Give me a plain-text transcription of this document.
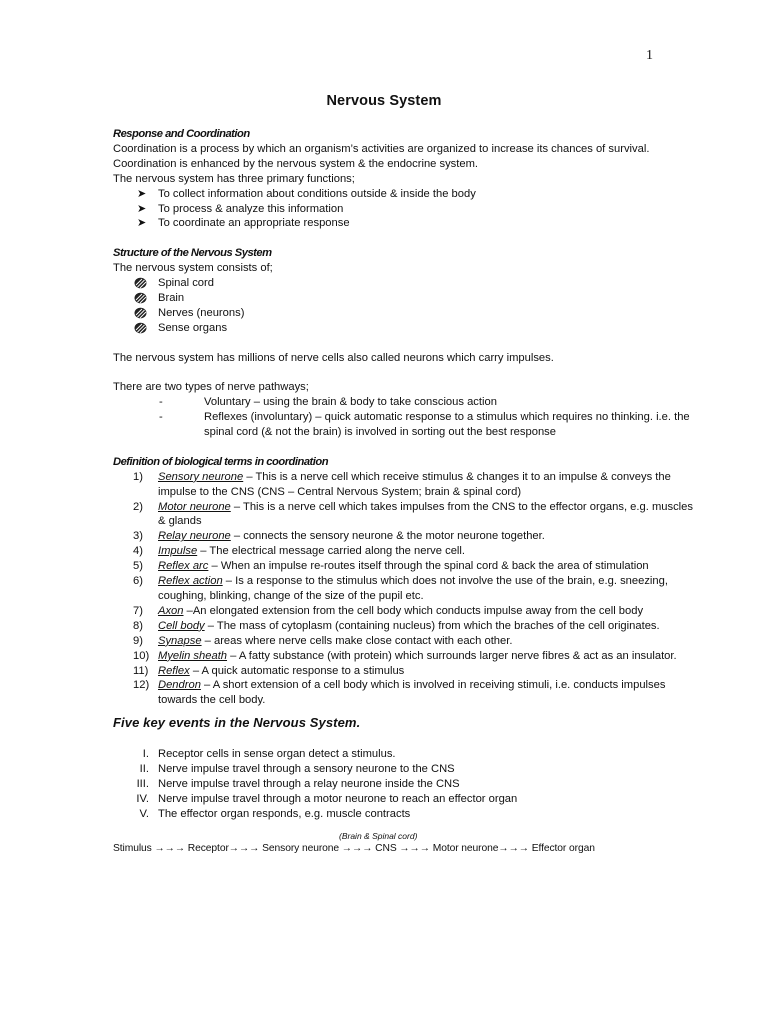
1
Nervous System
Response and Coordination
Coordination is a process by which an organism’s activities are organized to increase its chances of survival.
Coordination is enhanced by the nervous system & the endocrine system.
The nervous system has three primary functions;
➤ To collect information about conditions outside & inside the body
➤ To process & analyze this information
➤ To coordinate an appropriate response
Structure of the Nervous System
The nervous system consists of;
Spinal cord
Brain
Nerves (neurons)
Sense organs
The nervous system has millions of nerve cells also called neurons which carry impulses.
There are two types of nerve pathways;
-	Voluntary – using the brain & body to take conscious action
-	Reflexes (involuntary) – quick automatic response to a stimulus which requires no thinking. i.e. the
spinal cord (& not the brain) is involved in sorting out the best response
Definition of biological terms in coordination
1) Sensory neurone – This is a nerve cell which receive stimulus & changes it to an impulse & conveys the
impulse to the CNS (CNS – Central Nervous System; brain & spinal cord)
2) Motor neurone – This is a nerve cell which takes impulses from the CNS to the effector organs, e.g. muscles
& glands
3) Relay neurone – connects the sensory neurone & the motor neurone together.
4) Impulse – The electrical message carried along the nerve cell.
5) Reflex arc – When an impulse re-routes itself through the spinal cord & back the area of stimulation
6) Reflex action – Is a response to the stimulus which does not involve the use of the brain, e.g. sneezing,
coughing, blinking, change of the size of the pupil etc.
7) Axon –An elongated extension from the cell body which conducts impulse away from the cell body
8) Cell body – The mass of cytoplasm (containing nucleus) from which the braches of the cell originates.
9) Synapse – areas where nerve cells make close contact with each other.
10) Myelin sheath – A fatty substance (with protein) which surrounds larger nerve fibres & act as an insulator.
11) Reflex – A quick automatic response to a stimulus
12) Dendron – A short extension of a cell body which is involved in receiving stimuli, i.e. conducts impulses
towards the cell body.
Five key events in the Nervous System.
I. Receptor cells in sense organ detect a stimulus.
II. Nerve impulse travel through a sensory neurone to the CNS
III. Nerve impulse travel through a relay neurone inside the CNS
IV. Nerve impulse travel through a motor neurone to reach an effector organ
V. The effector organ responds, e.g. muscle contracts
(Brain & Spinal cord)
Stimulus →→→ Receptor→→→ Sensory neurone →→→ CNS →→→ Motor neurone→→→ Effector organ
